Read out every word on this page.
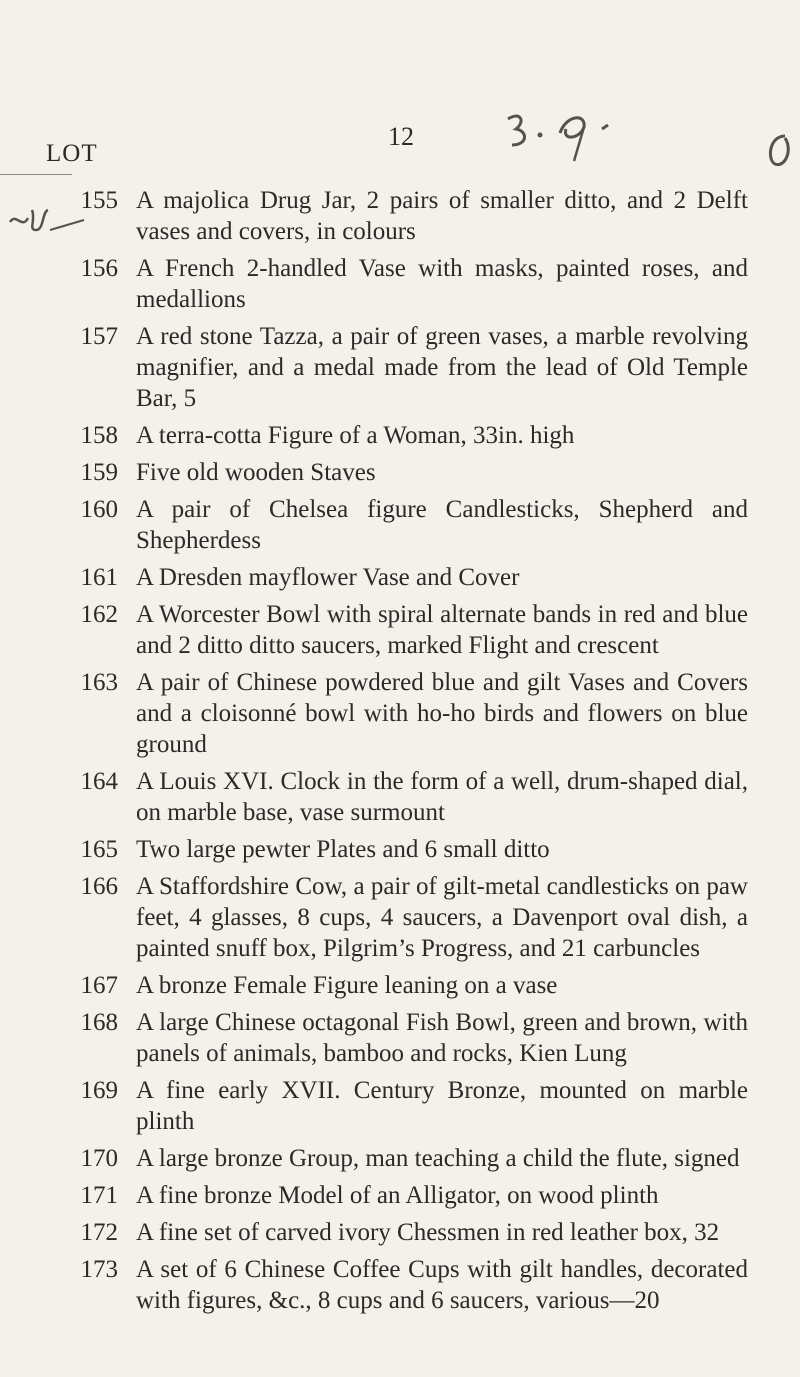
12
LOT
155 A majolica Drug Jar, 2 pairs of smaller ditto, and 2 Delft vases and covers, in colours
156 A French 2-handled Vase with masks, painted roses, and medallions
157 A red stone Tazza, a pair of green vases, a marble revolving magnifier, and a medal made from the lead of Old Temple Bar, 5
158 A terra-cotta Figure of a Woman, 33in. high
159 Five old wooden Staves
160 A pair of Chelsea figure Candlesticks, Shepherd and Shepherdess
161 A Dresden mayflower Vase and Cover
162 A Worcester Bowl with spiral alternate bands in red and blue and 2 ditto ditto saucers, marked Flight and crescent
163 A pair of Chinese powdered blue and gilt Vases and Covers and a cloisonné bowl with ho-ho birds and flowers on blue ground
164 A Louis XVI. Clock in the form of a well, drum-shaped dial, on marble base, vase surmount
165 Two large pewter Plates and 6 small ditto
166 A Staffordshire Cow, a pair of gilt-metal candlesticks on paw feet, 4 glasses, 8 cups, 4 saucers, a Davenport oval dish, a painted snuff box, Pilgrim’s Progress, and 21 carbuncles
167 A bronze Female Figure leaning on a vase
168 A large Chinese octagonal Fish Bowl, green and brown, with panels of animals, bamboo and rocks, Kien Lung
169 A fine early XVII. Century Bronze, mounted on marble plinth
170 A large bronze Group, man teaching a child the flute, signed
171 A fine bronze Model of an Alligator, on wood plinth
172 A fine set of carved ivory Chessmen in red leather box, 32
173 A set of 6 Chinese Coffee Cups with gilt handles, decorated with figures, &c., 8 cups and 6 saucers, various—20
